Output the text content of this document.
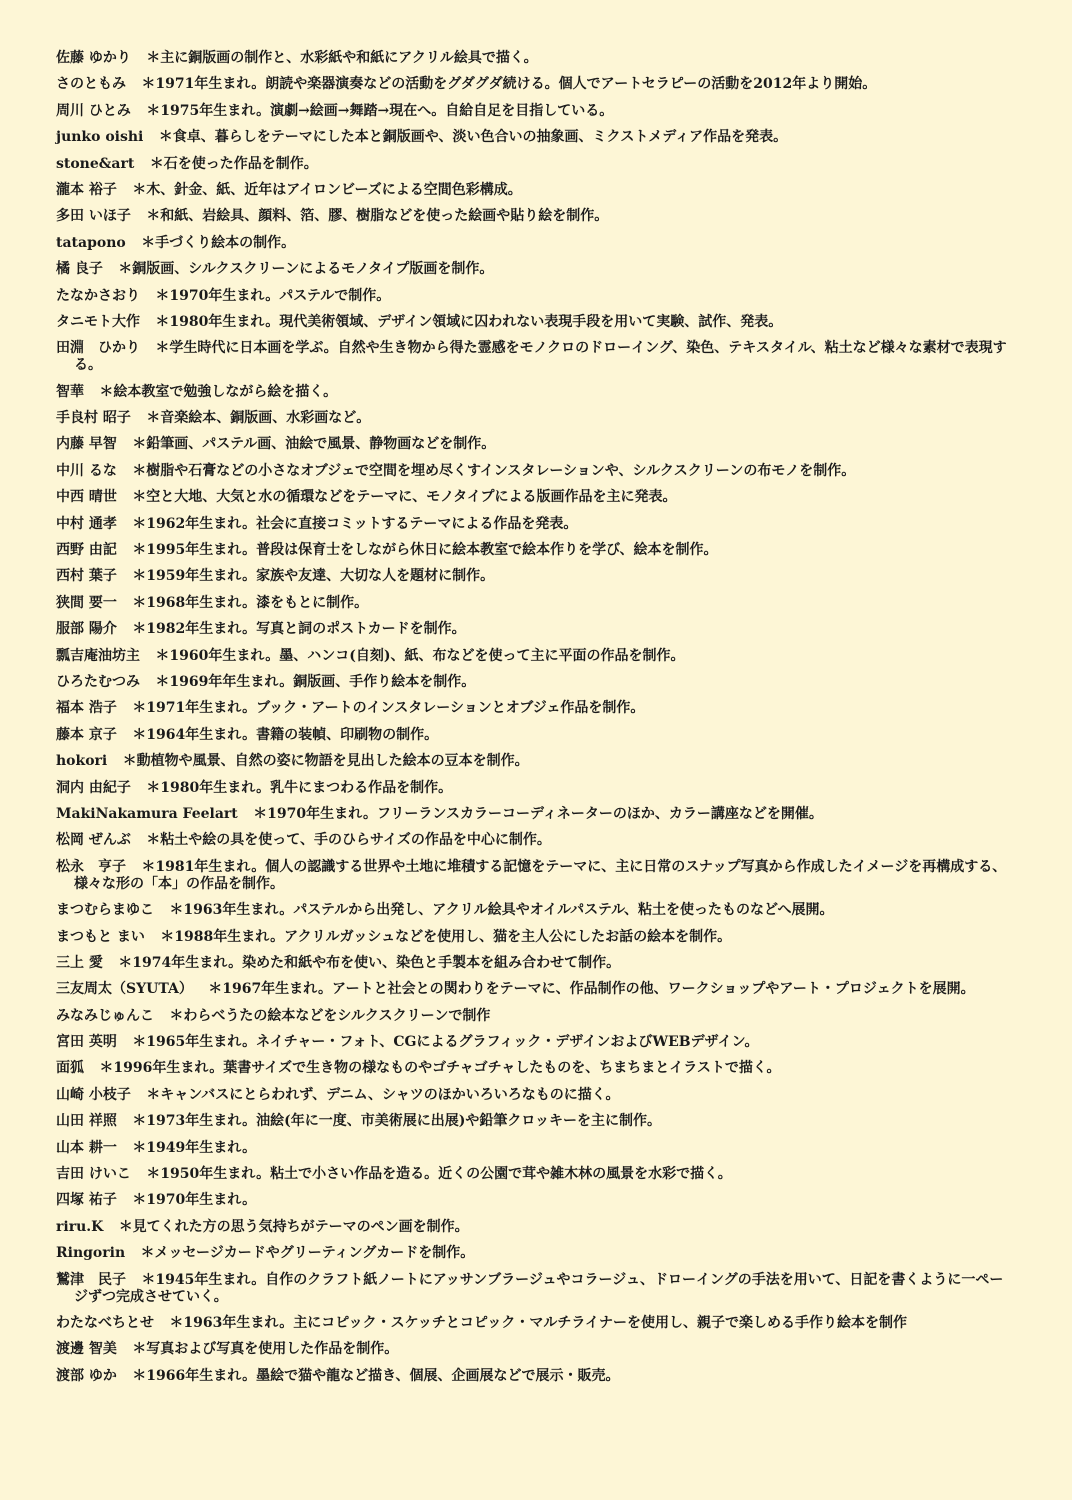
佐藤 ゆかり ＊主に銅版画の制作と、水彩紙や和紙にアクリル絵具で描く。
さのともみ ＊1971年生まれ。朗読や楽器演奏などの活動をグダグダ続ける。個人でアートセラピーの活動を2012年より開始。
周川 ひとみ ＊1975年生まれ。演劇→絵画→舞踏→現在へ。自給自足を目指している。
junko oishi ＊食卓、暮らしをテーマにした本と銅版画や、淡い色合いの抽象画、ミクストメディア作品を発表。
stone&art ＊石を使った作品を制作。
瀧本 裕子 ＊木、針金、紙、近年はアイロンビーズによる空間色彩構成。
多田 いほ子 ＊和紙、岩絵具、顔料、箔、膠、樹脂などを使った絵画や貼り絵を制作。
tatapono ＊手づくり絵本の制作。
橘 良子 ＊銅版画、シルクスクリーンによるモノタイプ版画を制作。
たなかさおり ＊1970年生まれ。パステルで制作。
タニモト大作 ＊1980年生まれ。現代美術領域、デザイン領域に囚われない表現手段を用いて実験、試作、発表。
田淵　ひかり ＊学生時代に日本画を学ぶ。自然や生き物から得た霊感をモノクロのドローイング、染色、テキスタイル、粘土など様々な素材で表現する。
智華 ＊絵本教室で勉強しながら絵を描く。
手良村 昭子 ＊音楽絵本、銅版画、水彩画など。
内藤 早智 ＊鉛筆画、パステル画、油絵で風景、静物画などを制作。
中川 るな ＊樹脂や石膏などの小さなオブジェで空間を埋め尽くすインスタレーションや、シルクスクリーンの布モノを制作。
中西 晴世 ＊空と大地、大気と水の循環などをテーマに、モノタイプによる版画作品を主に発表。
中村 通孝 ＊1962年生まれ。社会に直接コミットするテーマによる作品を発表。
西野 由記 ＊1995年生まれ。普段は保育士をしながら休日に絵本教室で絵本作りを学び、絵本を制作。
西村 葉子 ＊1959年生まれ。家族や友達、大切な人を題材に制作。
狭間 要一 ＊1968年生まれ。漆をもとに制作。
服部 陽介 ＊1982年生まれ。写真と詞のポストカードを制作。
瓢吉庵油坊主 ＊1960年生まれ。墨、ハンコ(自刻)、紙、布などを使って主に平面の作品を制作。
ひろたむつみ ＊1969年年生まれ。銅版画、手作り絵本を制作。
福本 浩子 ＊1971年生まれ。ブック・アートのインスタレーションとオブジェ作品を制作。
藤本 京子 ＊1964年生まれ。書籍の装幀、印刷物の制作。
hokori ＊動植物や風景、自然の姿に物語を見出した絵本の豆本を制作。
洞内 由紀子 ＊1980年生まれ。乳牛にまつわる作品を制作。
MakiNakamura Feelart ＊1970年生まれ。フリーランスカラーコーディネーターのほか、カラー講座などを開催。
松岡 ぜんぶ ＊粘土や絵の具を使って、手のひらサイズの作品を中心に制作。
松永　亨子 ＊1981年生まれ。個人の認識する世界や土地に堆積する記憶をテーマに、主に日常のスナップ写真から作成したイメージを再構成する、様々な形の「本」の作品を制作。
まつむらまゆこ ＊1963年生まれ。パステルから出発し、アクリル絵具やオイルパステル、粘土を使ったものなどへ展開。
まつもと まい ＊1988年生まれ。アクリルガッシュなどを使用し、猫を主人公にしたお話の絵本を制作。
三上 愛 ＊1974年生まれ。染めた和紙や布を使い、染色と手製本を組み合わせて制作。
三友周太（SYUTA） ＊1967年生まれ。アートと社会との関わりをテーマに、作品制作の他、ワークショップやアート・プロジェクトを展開。
みなみじゅんこ ＊わらべうたの絵本などをシルクスクリーンで制作
宮田 英明 ＊1965年生まれ。ネイチャー・フォト、CGによるグラフィック・デザインおよびWEBデザイン。
面狐 ＊1996年生まれ。葉書サイズで生き物の様なものやゴチャゴチャしたものを、ちまちまとイラストで描く。
山崎 小枝子 ＊キャンバスにとらわれず、デニム、シャツのほかいろいろなものに描く。
山田 祥照 ＊1973年生まれ。油絵(年に一度、市美術展に出展)や鉛筆クロッキーを主に制作。
山本 耕一 ＊1949年生まれ。
吉田 けいこ ＊1950年生まれ。粘土で小さい作品を造る。近くの公園で茸や雑木林の風景を水彩で描く。
四塚 祐子 ＊1970年生まれ。
riru.K ＊見てくれた方の思う気持ちがテーマのペン画を制作。
Ringorin ＊メッセージカードやグリーティングカードを制作。
鷲津　民子 ＊1945年生まれ。自作のクラフト紙ノートにアッサンブラージュやコラージュ、ドローイングの手法を用いて、日記を書くように一ページずつ完成させていく。
わたなべちとせ ＊1963年生まれ。主にコピック・スケッチとコピック・マルチライナーを使用し、親子で楽しめる手作り絵本を制作
渡邊 智美 ＊写真および写真を使用した作品を制作。
渡部 ゆか ＊1966年生まれ。墨絵で猫や龍など描き、個展、企画展などで展示・販売。
